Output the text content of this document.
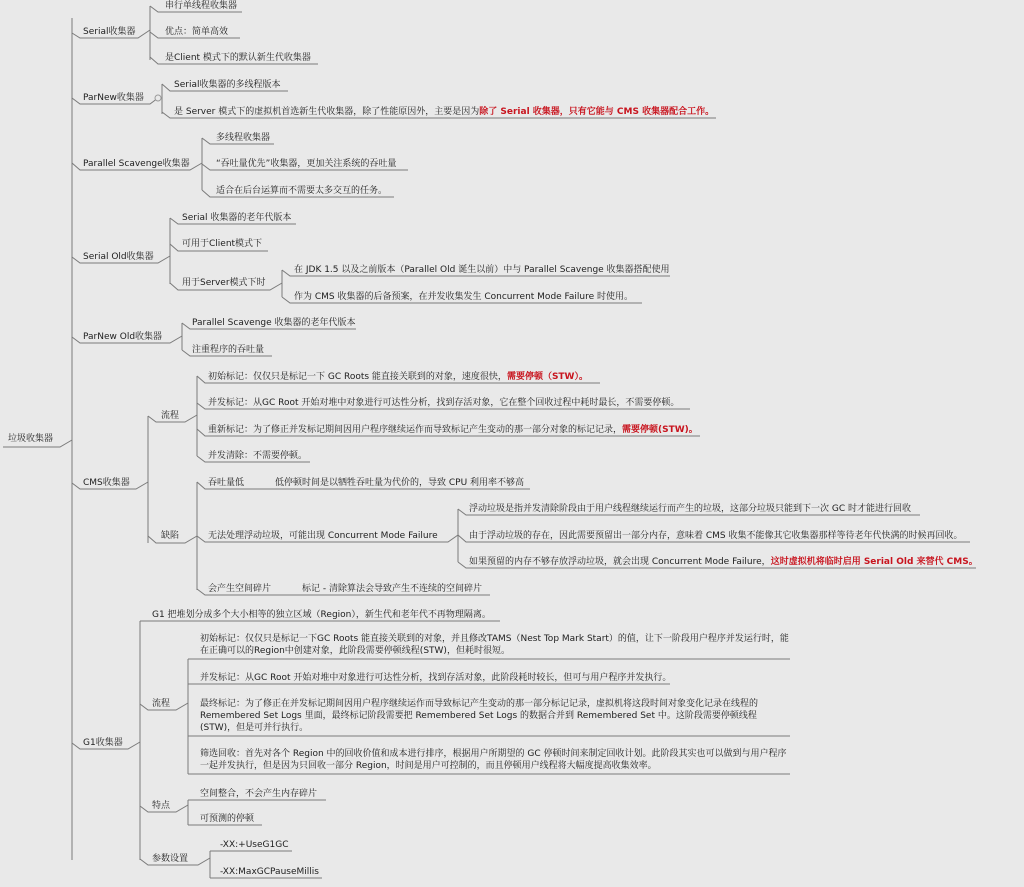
垃圾收集器
Serial收集器
串行单线程收集器
优点：简单高效
是Client 模式下的默认新生代收集器
ParNew收集器
Serial收集器的多线程版本
是 Server 模式下的虚拟机首选新生代收集器，除了性能原因外，主要是因为除了 Serial 收集器，只有它能与 CMS 收集器配合工作。
Parallel Scavenge收集器
多线程收集器
“吞吐量优先”收集器，更加关注系统的吞吐量
适合在后台运算而不需要太多交互的任务。
Serial Old收集器
Serial 收集器的老年代版本
可用于Client模式下
用于Server模式下时
在 JDK 1.5 以及之前版本（Parallel Old 诞生以前）中与 Parallel Scavenge 收集器搭配使用
作为 CMS 收集器的后备预案，在并发收集发生 Concurrent Mode Failure 时使用。
ParNew Old收集器
Parallel Scavenge 收集器的老年代版本
注重程序的吞吐量
CMS收集器
流程
初始标记：仅仅只是标记一下 GC Roots 能直接关联到的对象，速度很快，需要停顿（STW）。
并发标记：从GC Root 开始对堆中对象进行可达性分析，找到存活对象，它在整个回收过程中耗时最长，不需要停顿。
重新标记：为了修正并发标记期间因用户程序继续运作而导致标记产生变动的那一部分对象的标记记录，需要停顿(STW)。
并发清除：不需要停顿。
缺陷
吞吐量低	低停顿时间是以牺牲吞吐量为代价的，导致 CPU 利用率不够高
无法处理浮动垃圾，可能出现 Concurrent Mode Failure
浮动垃圾是指并发清除阶段由于用户线程继续运行而产生的垃圾，这部分垃圾只能到下一次 GC 时才能进行回收
由于浮动垃圾的存在，因此需要预留出一部分内存，意味着 CMS 收集不能像其它收集器那样等待老年代快满的时候再回收。
如果预留的内存不够存放浮动垃圾，就会出现 Concurrent Mode Failure，这时虚拟机将临时启用 Serial Old 来替代 CMS。
会产生空间碎片	标记 - 清除算法会导致产生不连续的空间碎片
G1收集器
G1 把堆划分成多个大小相等的独立区域（Region），新生代和老年代不再物理隔离。
流程
初始标记：仅仅只是标记一下GC Roots 能直接关联到的对象，并且修改TAMS（Nest Top Mark Start）的值，让下一阶段用户程序并发运行时，能在正确可以的Region中创建对象，此阶段需要停顿线程(STW)，但耗时很短。
并发标记：从GC Root 开始对堆中对象进行可达性分析，找到存活对象，此阶段耗时较长，但可与用户程序并发执行。
最终标记：为了修正在并发标记期间因用户程序继续运作而导致标记产生变动的那一部分标记记录，虚拟机将这段时间对象变化记录在线程的 Remembered Set Logs 里面，最终标记阶段需要把 Remembered Set Logs 的数据合并到 Remembered Set 中。这阶段需要停顿线程(STW)，但是可并行执行。
筛选回收：首先对各个 Region 中的回收价值和成本进行排序，根据用户所期望的 GC 停顿时间来制定回收计划。此阶段其实也可以做到与用户程序一起并发执行，但是因为只回收一部分 Region，时间是用户可控制的，而且停顿用户线程将大幅度提高收集效率。
特点
空间整合，不会产生内存碎片
可预测的停顿
参数设置
-XX:+UseG1GC
-XX:MaxGCPauseMillis
